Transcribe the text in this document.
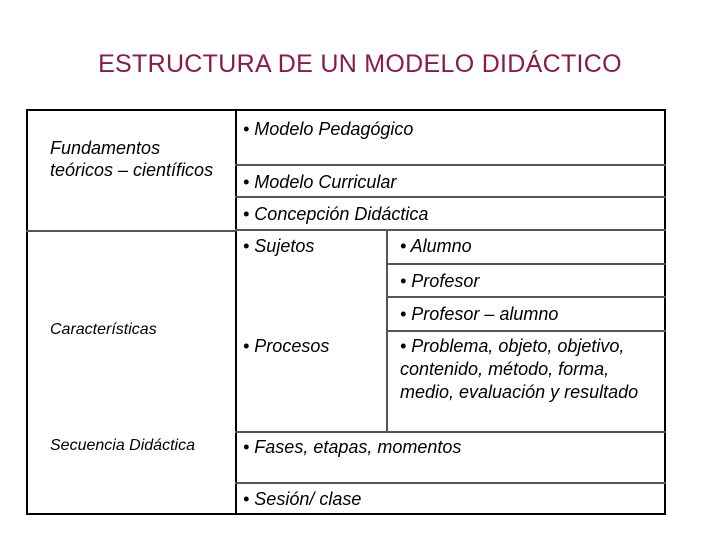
ESTRUCTURA DE UN MODELO DIDÁCTICO
Fundamentos teóricos – científicos
Características
Secuencia Didáctica
• Modelo Pedagógico
• Modelo Curricular
• Concepción Didáctica
• Sujetos	• Alumno
• Profesor
• Profesor – alumno
• Procesos	• Problema, objeto, objetivo, contenido, método, forma, medio, evaluación y resultado
• Fases, etapas, momentos
• Sesión/ clase
